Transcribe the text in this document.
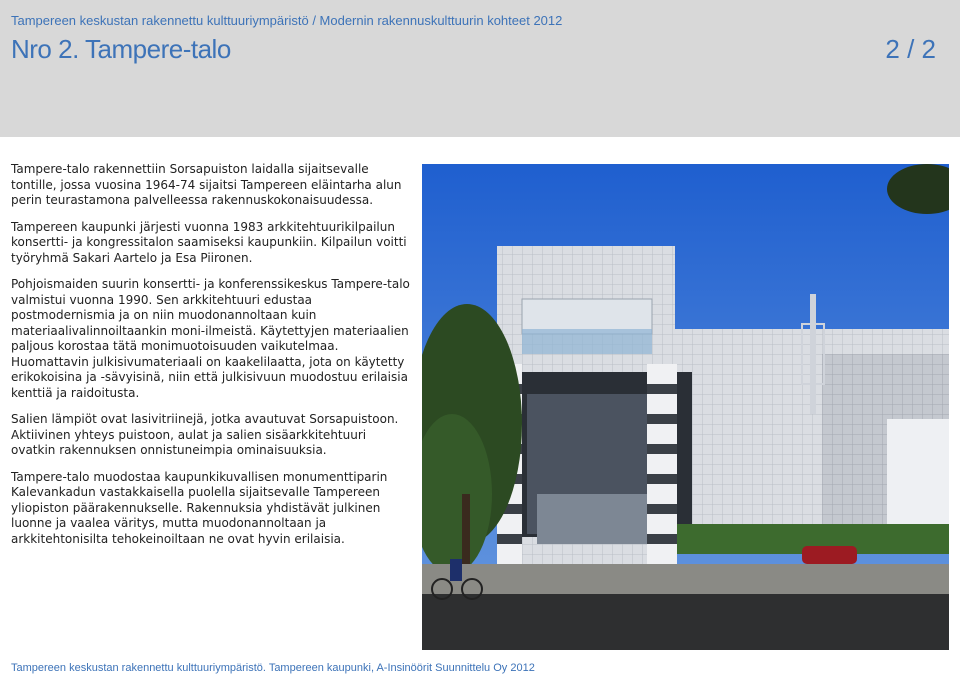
Tampereen keskustan rakennettu kulttuuriympäristö / Modernin rakennuskulttuurin kohteet 2012
Nro 2. Tampere-talo	2 / 2

Tampere-talo rakennettiin Sorsapuiston laidalla sijaitsevalle tontille, jossa vuosina 1964-74 sijaitsi Tampereen eläintarha alun perin teurastamona palvelleessa rakennuskokonaisuudessa.

Tampereen kaupunki järjesti vuonna 1983 arkkitehtuurikilpailun konsertti- ja kongressitalon saamiseksi kaupunkiin. Kilpailun voitti työryhmä Sakari Aartelo ja Esa Piironen.

Pohjoismaiden suurin konsertti- ja konferenssikeskus Tampere-talo valmistui vuonna 1990. Sen arkkitehtuuri edustaa postmodernismia ja on niin muodonannoltaan kuin materiaalivalinnoiltaankin moni-ilmeistä. Käytettyjen materiaalien paljous korostaa tätä monimuotoisuuden vaikutelmaa. Huomattavin julkisivumateriaali on kaakelilaatta, jota on käytetty erikokoisina ja -sävyisinä, niin että julkisivuun muodostuu erilaisia kenttiä ja raidoitusta.

Salien lämpiöt ovat lasivitriinejä, jotka avautuvat Sorsapuistoon. Aktiivinen yhteys puistoon, aulat ja salien sisäarkkitehtuuri ovatkin rakennuksen onnistuneimpia ominaisuuksia.

Tampere-talo muodostaa kaupunkikuvallisen monumenttiparin Kalevankadun vastakkaisella puolella sijaitsevalle Tampereen yliopiston päärakennukselle. Rakennuksia yhdistävät julkinen luonne ja vaalea väritys, mutta muodonannoltaan ja arkkitehtonisilta tehokeinoiltaan ne ovat hyvin erilaisia.

Tampereen keskustan rakennettu kulttuuriympäristö. Tampereen kaupunki, A-Insinöörit Suunnittelu Oy 2012
